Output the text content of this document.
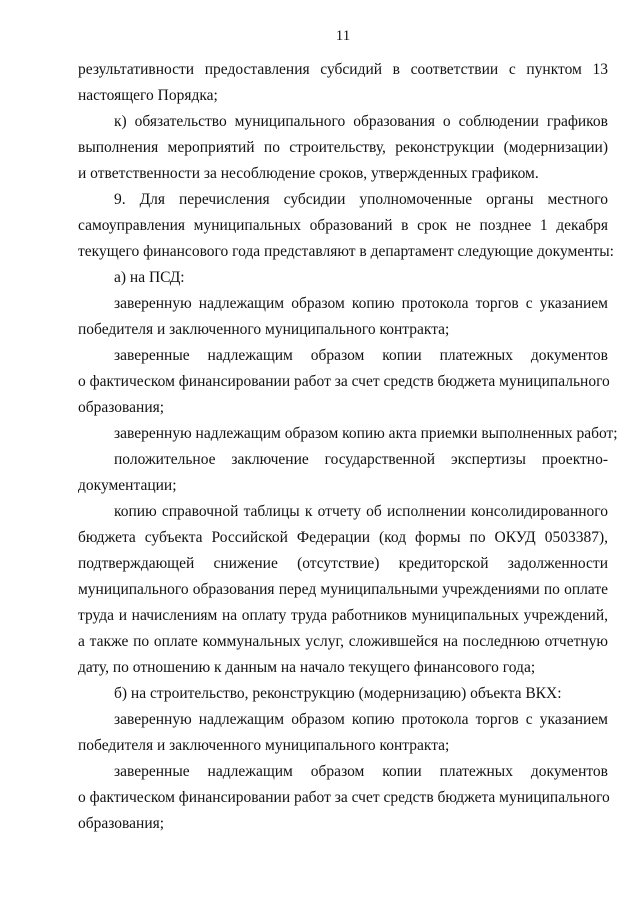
11
результативности предоставления субсидий в соответствии с пунктом 13
настоящего Порядка;
к) обязательство муниципального образования о соблюдении графиков
выполнения мероприятий по строительству, реконструкции (модернизации)
и ответственности за несоблюдение сроков, утвержденных графиком.
9. Для перечисления субсидии уполномоченные органы местного
самоуправления муниципальных образований в срок не позднее 1 декабря
текущего финансового года представляют в департамент следующие документы:
а) на ПСД:
заверенную надлежащим образом копию протокола торгов с указанием
победителя и заключенного муниципального контракта;
заверенные надлежащим образом копии платежных документов
о фактическом финансировании работ за счет средств бюджета муниципального
образования;
заверенную надлежащим образом копию акта приемки выполненных работ;
положительное заключение государственной экспертизы проектно-
документации;
копию справочной таблицы к отчету об исполнении консолидированного
бюджета субъекта Российской Федерации (код формы по ОКУД 0503387),
подтверждающей снижение (отсутствие) кредиторской задолженности
муниципального образования перед муниципальными учреждениями по оплате
труда и начислениям на оплату труда работников муниципальных учреждений,
а также по оплате коммунальных услуг, сложившейся на последнюю отчетную
дату, по отношению к данным на начало текущего финансового года;
б) на строительство, реконструкцию (модернизацию) объекта ВКХ:
заверенную надлежащим образом копию протокола торгов с указанием
победителя и заключенного муниципального контракта;
заверенные надлежащим образом копии платежных документов
о фактическом финансировании работ за счет средств бюджета муниципального
образования;
